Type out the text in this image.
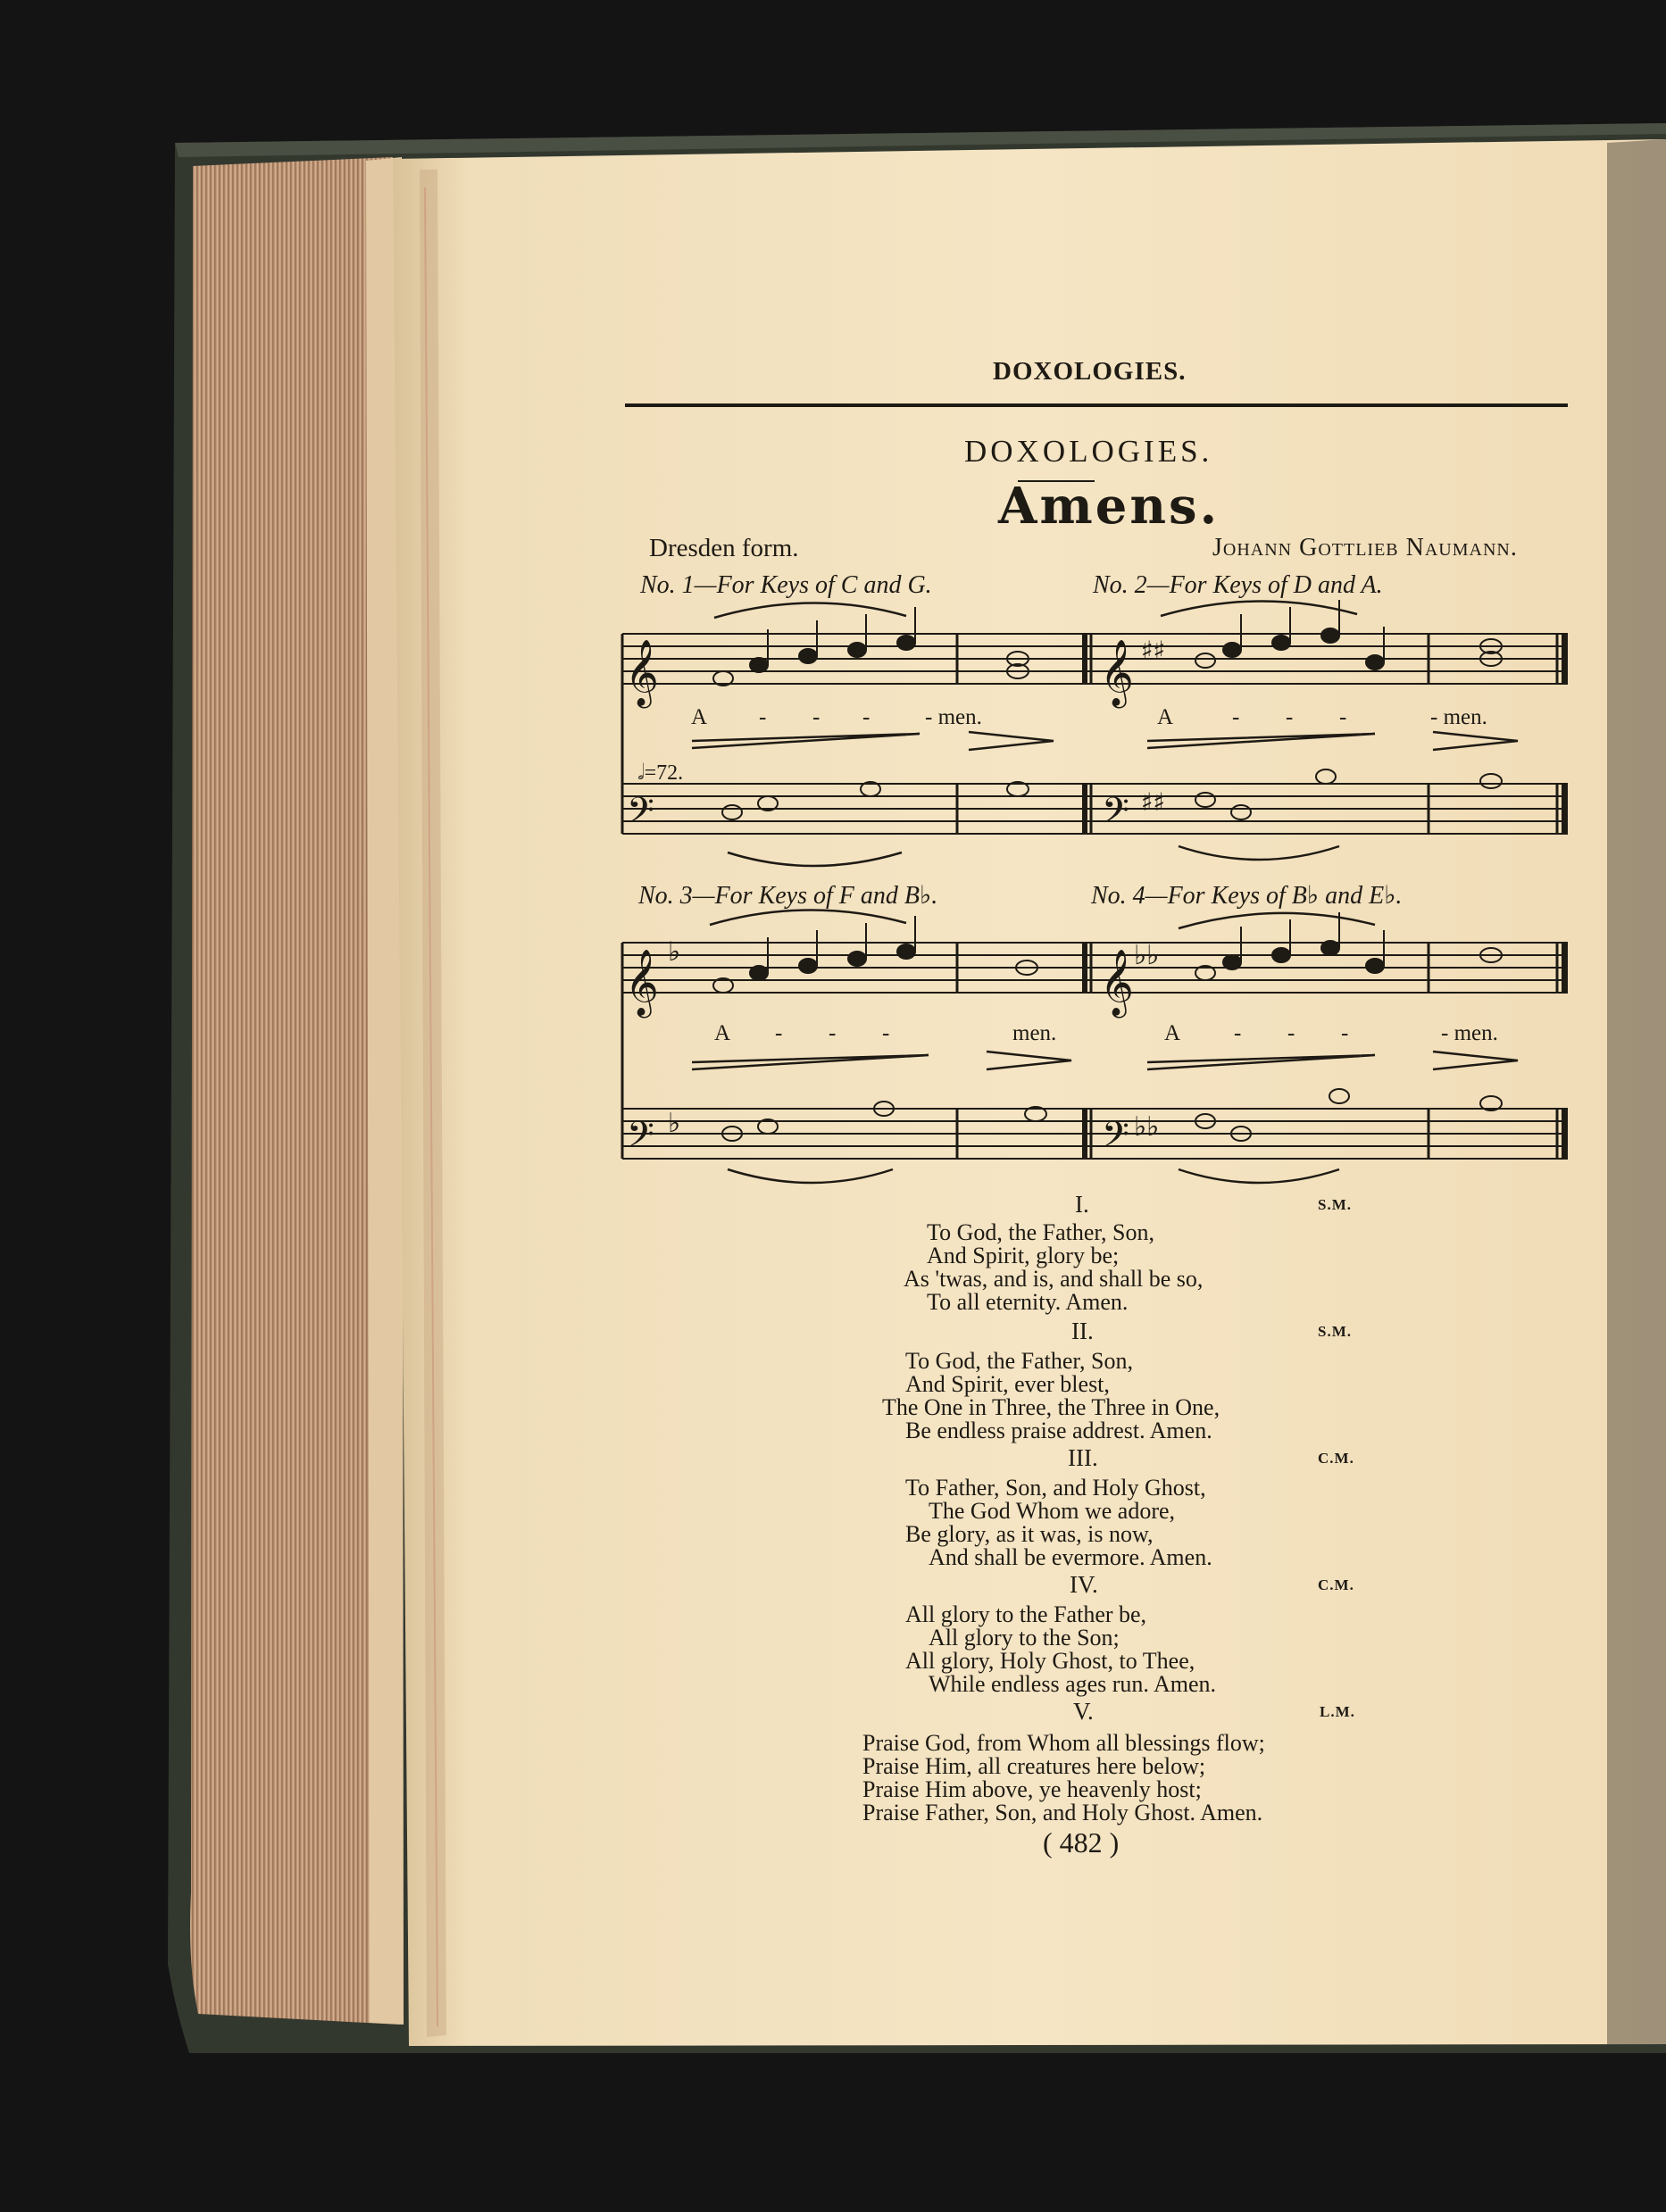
𝄞	𝄞
𝄞	𝄞
𝄢	𝄢
𝄢	𝄢
♯♯
♯♯
♭
♭
♭♭
♭♭
DOXOLOGIES.
DOXOLOGIES.
Amens.
Dresden form.	Johann Gottlieb Naumann.
No. 1—For Keys of C and G.	No. 2—For Keys of D and A.
No. 3—For Keys of F and B♭.	No. 4—For Keys of B♭ and E♭.
𝅗𝅥=72.
A - - - - men.	A	- - -	- men.
A - - -	men.	A - - -	- men.
I.	S.M.
To God, the Father, Son,
And Spirit, glory be;
As 'twas, and is, and shall be so,
To all eternity. Amen.
II.	S.M.
To God, the Father, Son,
And Spirit, ever blest,
The One in Three, the Three in One,
Be endless praise addrest. Amen.
III.	C.M.
To Father, Son, and Holy Ghost,
The God Whom we adore,
Be glory, as it was, is now,
And shall be evermore. Amen.
IV.	C.M.
All glory to the Father be,
All glory to the Son;
All glory, Holy Ghost, to Thee,
While endless ages run. Amen.
V.	L.M.
Praise God, from Whom all blessings flow;
Praise Him, all creatures here below;
Praise Him above, ye heavenly host;
Praise Father, Son, and Holy Ghost. Amen.
( 482 )
